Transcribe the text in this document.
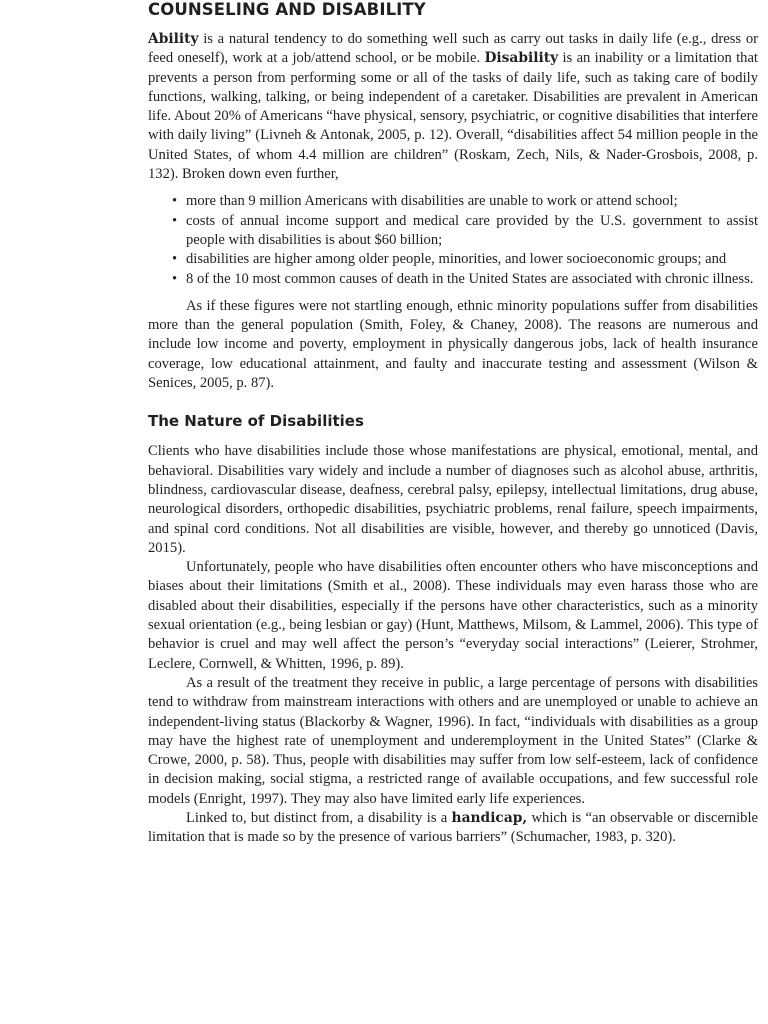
COUNSELING AND DISABILITY

Ability is a natural tendency to do something well such as carry out tasks in daily life (e.g., dress or feed oneself), work at a job/attend school, or be mobile. Disability is an inability or a limitation that prevents a person from performing some or all of the tasks of daily life, such as taking care of bodily functions, walking, talking, or being independent of a caretaker. Disabilities are prevalent in American life. About 20% of Americans “have physical, sensory, psychiatric, or cognitive disabilities that interfere with daily living” (Livneh & Antonak, 2005, p. 12). Overall, “disabilities affect 54 million people in the United States, of whom 4.4 million are children” (Roskam, Zech, Nils, & Nader-Grosbois, 2008, p. 132). Broken down even further,

• more than 9 million Americans with disabilities are unable to work or attend school;
• costs of annual income support and medical care provided by the U.S. government to assist people with disabilities is about $60 billion;
• disabilities are higher among older people, minorities, and lower socioeconomic groups; and
• 8 of the 10 most common causes of death in the United States are associated with chronic illness.

As if these figures were not startling enough, ethnic minority populations suffer from disabilities more than the general population (Smith, Foley, & Chaney, 2008). The reasons are numerous and include low income and poverty, employment in physically dangerous jobs, lack of health insurance coverage, low educational attainment, and faulty and inaccurate testing and assessment (Wilson & Senices, 2005, p. 87).

The Nature of Disabilities

Clients who have disabilities include those whose manifestations are physical, emotional, mental, and behavioral. Disabilities vary widely and include a number of diagnoses such as alcohol abuse, arthritis, blindness, cardiovascular disease, deafness, cerebral palsy, epilepsy, intellectual limitations, drug abuse, neurological disorders, orthopedic disabilities, psychiatric problems, renal failure, speech impairments, and spinal cord conditions. Not all disabilities are visible, however, and thereby go unnoticed (Davis, 2015).

Unfortunately, people who have disabilities often encounter others who have misconceptions and biases about their limitations (Smith et al., 2008). These individuals may even harass those who are disabled about their disabilities, especially if the persons have other characteristics, such as a minority sexual orientation (e.g., being lesbian or gay) (Hunt, Matthews, Milsom, & Lammel, 2006). This type of behavior is cruel and may well affect the person’s “everyday social interactions” (Leierer, Strohmer, Leclere, Cornwell, & Whitten, 1996, p. 89).

As a result of the treatment they receive in public, a large percentage of persons with disabilities tend to withdraw from mainstream interactions with others and are unemployed or unable to achieve an independent-living status (Blackorby & Wagner, 1996). In fact, “individuals with disabilities as a group may have the highest rate of unemployment and underemployment in the United States” (Clarke & Crowe, 2000, p. 58). Thus, people with disabilities may suffer from low self-esteem, lack of confidence in decision making, social stigma, a restricted range of available occupations, and few successful role models (Enright, 1997). They may also have limited early life experiences.

Linked to, but distinct from, a disability is a handicap, which is “an observable or discernible limitation that is made so by the presence of various barriers” (Schumacher, 1983, p. 320).
